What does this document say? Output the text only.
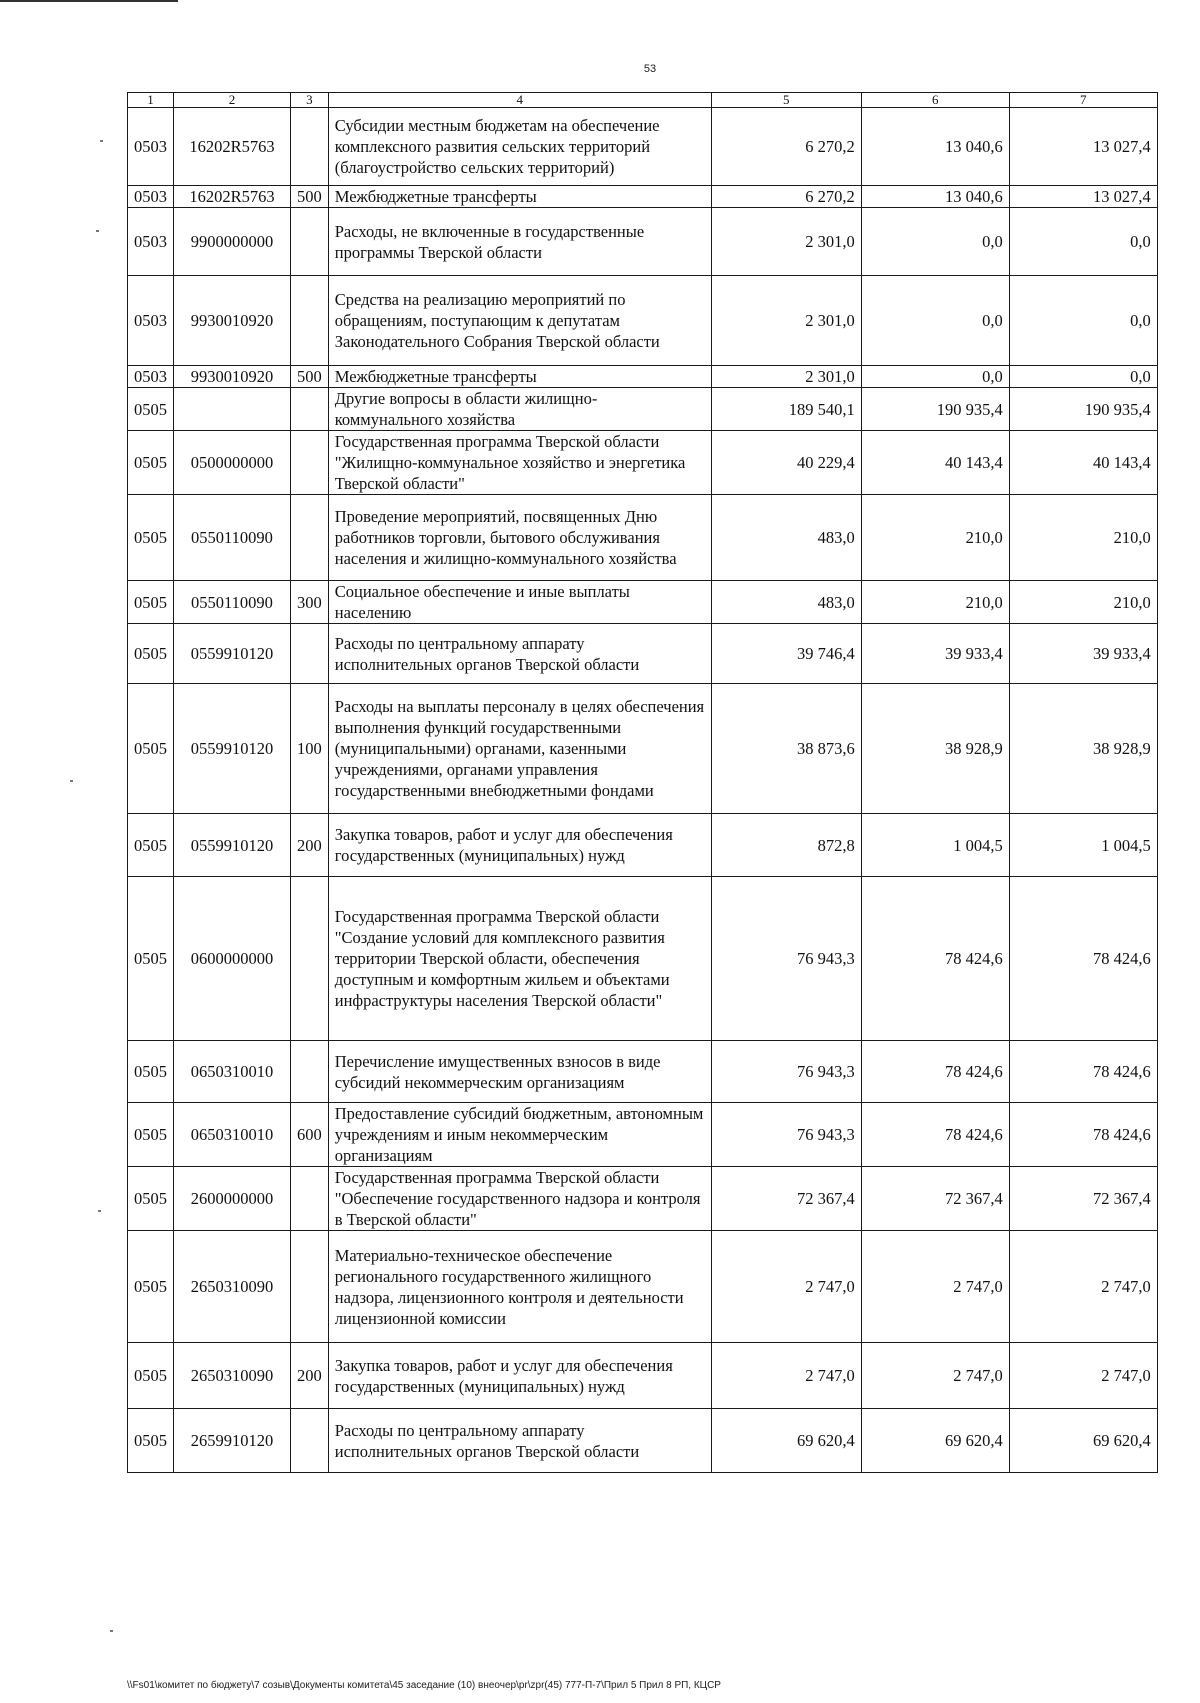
53
1	2	3	4	5	6	7
0503	16202R5763		Субсидии местным бюджетам на обеспечение комплексного развития сельских территорий (благоустройство сельских территорий)	6 270,2	13 040,6	13 027,4
0503	16202R5763	500	Межбюджетные трансферты	6 270,2	13 040,6	13 027,4
0503	9900000000		Расходы, не включенные в государственные программы Тверской области	2 301,0	0,0	0,0
0503	9930010920		Средства на реализацию мероприятий по обращениям, поступающим к депутатам Законодательного Собрания Тверской области	2 301,0	0,0	0,0
0503	9930010920	500	Межбюджетные трансферты	2 301,0	0,0	0,0
0505			Другие вопросы в области жилищно-коммунального хозяйства	189 540,1	190 935,4	190 935,4
0505	0500000000		Государственная программа Тверской области "Жилищно-коммунальное хозяйство и энергетика Тверской области"	40 229,4	40 143,4	40 143,4
0505	0550110090		Проведение мероприятий, посвященных Дню работников торговли, бытового обслуживания населения и жилищно-коммунального хозяйства	483,0	210,0	210,0
0505	0550110090	300	Социальное обеспечение и иные выплаты населению	483,0	210,0	210,0
0505	0559910120		Расходы по центральному аппарату исполнительных органов Тверской области	39 746,4	39 933,4	39 933,4
0505	0559910120	100	Расходы на выплаты персоналу в целях обеспечения выполнения функций государственными (муниципальными) органами, казенными учреждениями, органами управления государственными внебюджетными фондами	38 873,6	38 928,9	38 928,9
0505	0559910120	200	Закупка товаров, работ и услуг для обеспечения государственных (муниципальных) нужд	872,8	1 004,5	1 004,5
0505	0600000000		Государственная программа Тверской области "Создание условий для комплексного развития территории Тверской области, обеспечения доступным и комфортным жильем и объектами инфраструктуры населения Тверской области"	76 943,3	78 424,6	78 424,6
0505	0650310010		Перечисление имущественных взносов в виде субсидий некоммерческим организациям	76 943,3	78 424,6	78 424,6
0505	0650310010	600	Предоставление субсидий бюджетным, автономным учреждениям и иным некоммерческим организациям	76 943,3	78 424,6	78 424,6
0505	2600000000		Государственная программа Тверской области "Обеспечение государственного надзора и контроля в Тверской области"	72 367,4	72 367,4	72 367,4
0505	2650310090		Материально-техническое обеспечение регионального государственного жилищного надзора, лицензионного контроля и деятельности лицензионной комиссии	2 747,0	2 747,0	2 747,0
0505	2650310090	200	Закупка товаров, работ и услуг для обеспечения государственных (муниципальных) нужд	2 747,0	2 747,0	2 747,0
0505	2659910120		Расходы по центральному аппарату исполнительных органов Тверской области	69 620,4	69 620,4	69 620,4
\\Fs01\комитет по бюджету\7 созыв\Документы комитета\45 заседание (10) внеочер\pr\zpr(45) 777-П-7\Прил 5 Прил 8 РП, КЦСР
